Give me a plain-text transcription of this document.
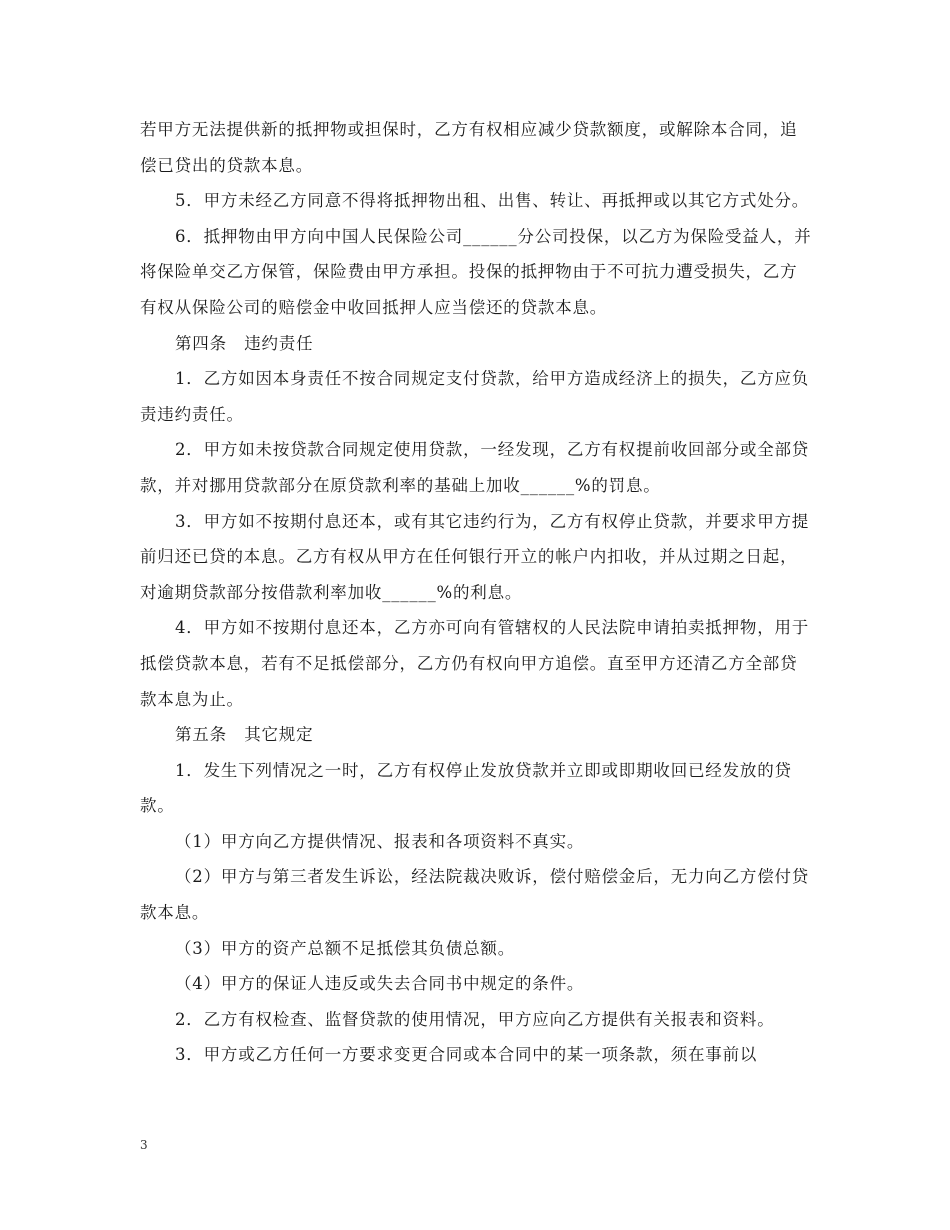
若甲方无法提供新的抵押物或担保时，乙方有权相应减少贷款额度，或解除本合同，追偿已贷出的贷款本息。

5．甲方未经乙方同意不得将抵押物出租、出售、转让、再抵押或以其它方式处分。

6．抵押物由甲方向中国人民保险公司______分公司投保，以乙方为保险受益人，并将保险单交乙方保管，保险费由甲方承担。投保的抵押物由于不可抗力遭受损失，乙方有权从保险公司的赔偿金中收回抵押人应当偿还的贷款本息。

第四条　违约责任

1．乙方如因本身责任不按合同规定支付贷款，给甲方造成经济上的损失，乙方应负责违约责任。

2．甲方如未按贷款合同规定使用贷款，一经发现，乙方有权提前收回部分或全部贷款，并对挪用贷款部分在原贷款利率的基础上加收______%的罚息。

3．甲方如不按期付息还本，或有其它违约行为，乙方有权停止贷款，并要求甲方提前归还已贷的本息。乙方有权从甲方在任何银行开立的帐户内扣收，并从过期之日起，对逾期贷款部分按借款利率加收______%的利息。

4．甲方如不按期付息还本，乙方亦可向有管辖权的人民法院申请拍卖抵押物，用于抵偿贷款本息，若有不足抵偿部分，乙方仍有权向甲方追偿。直至甲方还清乙方全部贷款本息为止。

第五条　其它规定

1．发生下列情况之一时，乙方有权停止发放贷款并立即或即期收回已经发放的贷款。

（1）甲方向乙方提供情况、报表和各项资料不真实。

（2）甲方与第三者发生诉讼，经法院裁决败诉，偿付赔偿金后，无力向乙方偿付贷款本息。

（3）甲方的资产总额不足抵偿其负债总额。

（4）甲方的保证人违反或失去合同书中规定的条件。

2．乙方有权检查、监督贷款的使用情况，甲方应向乙方提供有关报表和资料。

3．甲方或乙方任何一方要求变更合同或本合同中的某一项条款，须在事前以

3
